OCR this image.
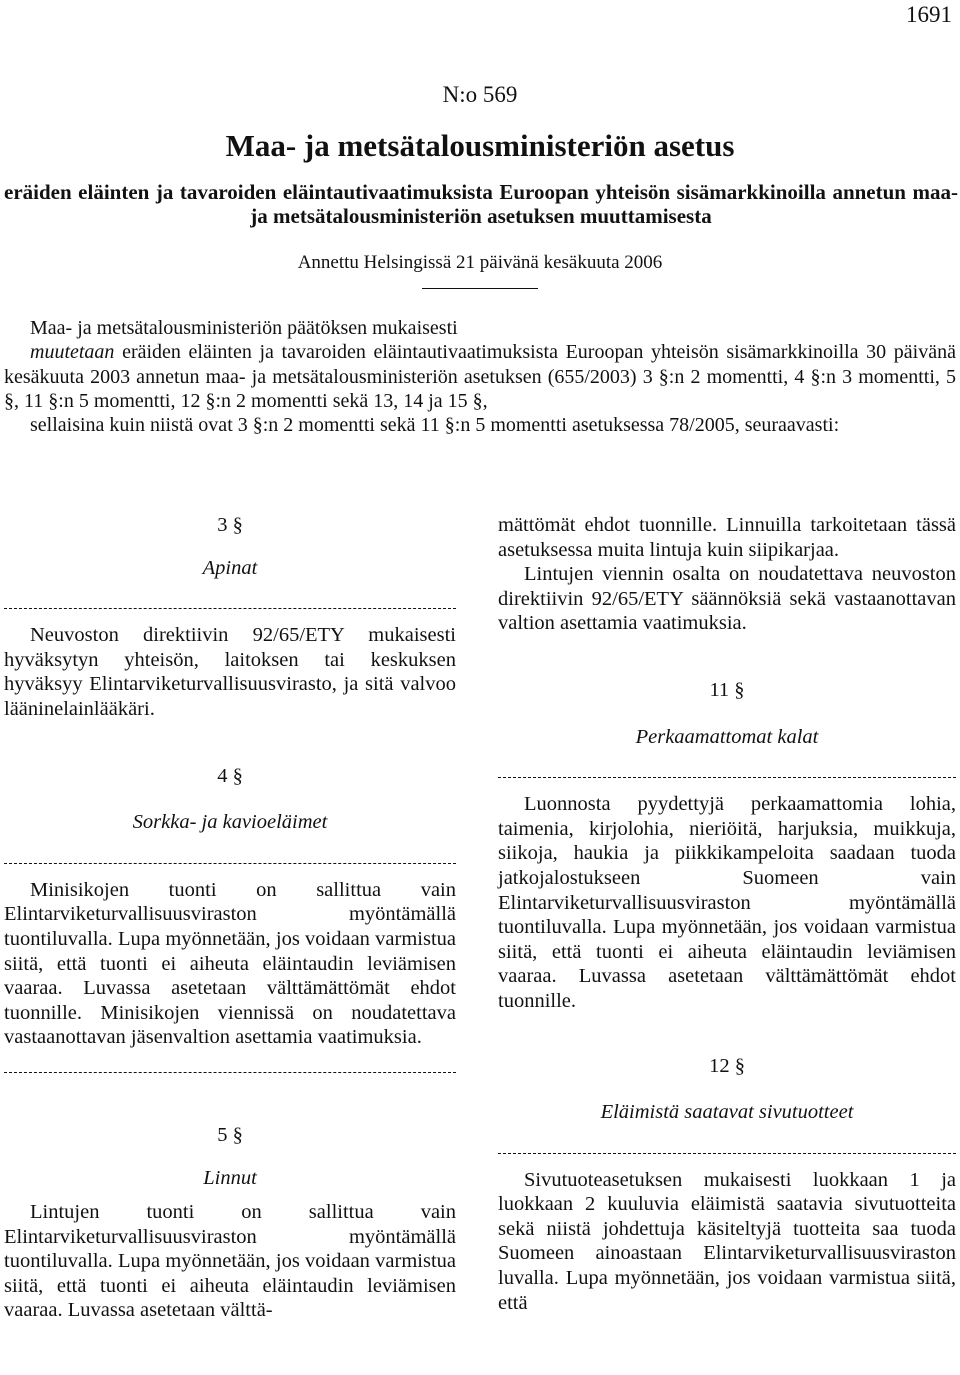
1691
N:o 569
Maa- ja metsätalousministeriön asetus
eräiden eläinten ja tavaroiden eläintautivaatimuksista Euroopan yhteisön sisämarkkinoilla annetun maa- ja metsätalousministeriön asetuksen muuttamisesta
Annettu Helsingissä 21 päivänä kesäkuuta 2006

Maa- ja metsätalousministeriön päätöksen mukaisesti

muutetaan eräiden eläinten ja tavaroiden eläintautivaatimuksista Euroopan yhteisön sisämarkkinoilla 30 päivänä kesäkuuta 2003 annetun maa- ja metsätalousministeriön asetuksen (655/2003) 3 §:n 2 momentti, 4 §:n 3 momentti, 5 §, 11 §:n 5 momentti, 12 §:n 2 momentti sekä 13, 14 ja 15 §,

sellaisina kuin niistä ovat 3 §:n 2 momentti sekä 11 §:n 5 momentti asetuksessa 78/2005, seuraavasti:

3 §

Apinat

Neuvoston direktiivin 92/65/ETY mukaisesti hyväksytyn yhteisön, laitoksen tai keskuksen hyväksyy Elintarviketurvallisuusvirasto, ja sitä valvoo lääninelainlääkäri.

4 §

Sorkka- ja kavioeläimet

Minisikojen tuonti on sallittua vain Elintarviketurvallisuusviraston myöntämällä tuontiluvalla. Lupa myönnetään, jos voidaan varmistua siitä, että tuonti ei aiheuta eläintaudin leviämisen vaaraa. Luvassa asetetaan välttämättömät ehdot tuonnille. Minisikojen viennissä on noudatettava vastaanottavan jäsenvaltion asettamia vaatimuksia.

5 §

Linnut

Lintujen tuonti on sallittua vain Elintarviketurvallisuusviraston myöntämällä tuontiluvalla. Lupa myönnetään, jos voidaan varmistua siitä, että tuonti ei aiheuta eläintaudin leviämisen vaaraa. Luvassa asetetaan välttä-

mättömät ehdot tuonnille. Linnuilla tarkoitetaan tässä asetuksessa muita lintuja kuin siipikarjaa.

Lintujen viennin osalta on noudatettava neuvoston direktiivin 92/65/ETY säännöksiä sekä vastaanottavan valtion asettamia vaatimuksia.

11 §

Perkaamattomat kalat

Luonnosta pyydettyjä perkaamattomia lohia, taimenia, kirjolohia, nieriöitä, harjuksia, muikkuja, siikoja, haukia ja piikkikampeloita saadaan tuoda jatkojalostukseen Suomeen vain Elintarviketurvallisuusviraston myöntämällä tuontiluvalla. Lupa myönnetään, jos voidaan varmistua siitä, että tuonti ei aiheuta eläintaudin leviämisen vaaraa. Luvassa asetetaan välttämättömät ehdot tuonnille.

12 §

Eläimistä saatavat sivutuotteet

Sivutuoteasetuksen mukaisesti luokkaan 1 ja luokkaan 2 kuuluvia eläimistä saatavia sivutuotteita sekä niistä johdettuja käsiteltyjä tuotteita saa tuoda Suomeen ainoastaan Elintarviketurvallisuusviraston luvalla. Lupa myönnetään, jos voidaan varmistua siitä, että
